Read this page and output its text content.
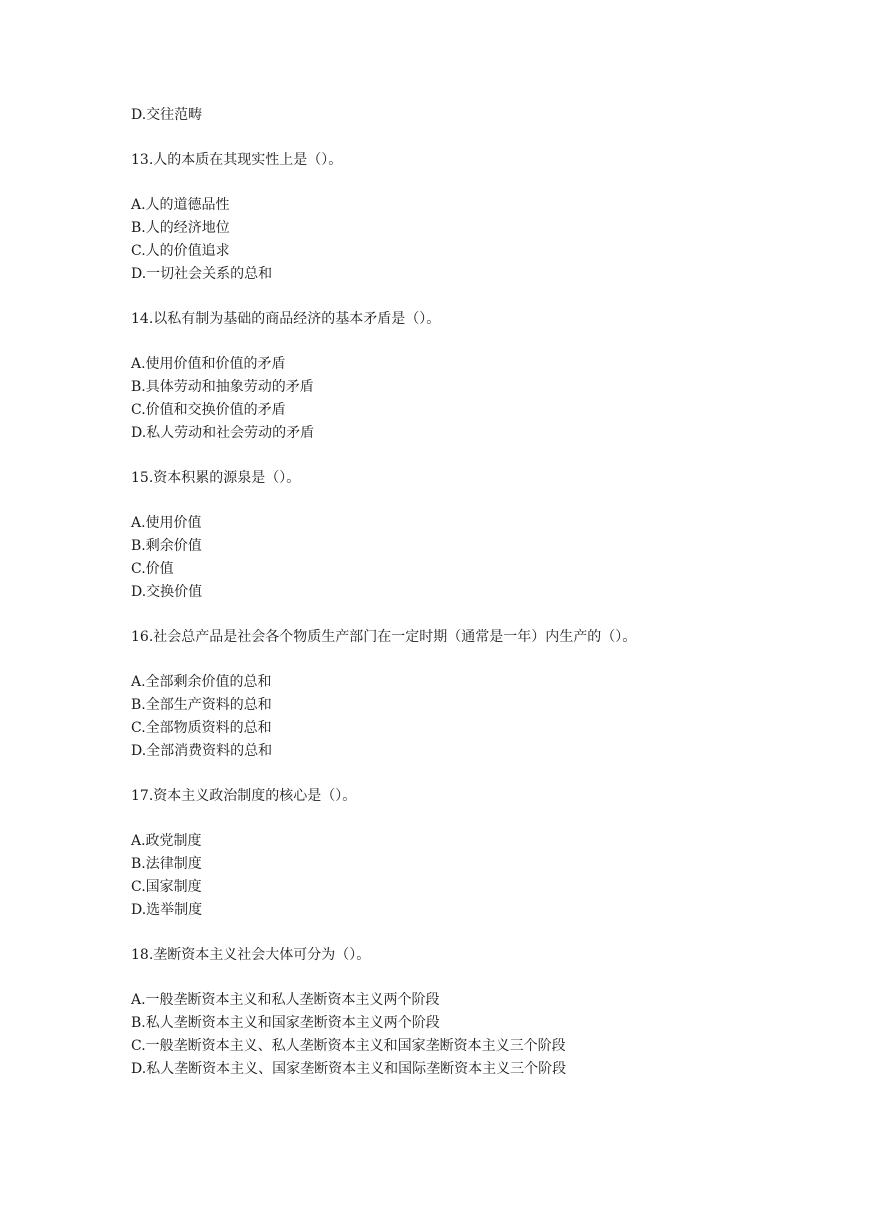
D.交往范畴
13.人的本质在其现实性上是（）。
A.人的道德品性
B.人的经济地位
C.人的价值追求
D.一切社会关系的总和
14.以私有制为基础的商品经济的基本矛盾是（）。
A.使用价值和价值的矛盾
B.具体劳动和抽象劳动的矛盾
C.价值和交换价值的矛盾
D.私人劳动和社会劳动的矛盾
15.资本积累的源泉是（）。
A.使用价值
B.剩余价值
C.价值
D.交换价值
16.社会总产品是社会各个物质生产部门在一定时期（通常是一年）内生产的（）。
A.全部剩余价值的总和
B.全部生产资料的总和
C.全部物质资料的总和
D.全部消费资料的总和
17.资本主义政治制度的核心是（）。
A.政党制度
B.法律制度
C.国家制度
D.选举制度
18.垄断资本主义社会大体可分为（）。
A.一般垄断资本主义和私人垄断资本主义两个阶段
B.私人垄断资本主义和国家垄断资本主义两个阶段
C.一般垄断资本主义、私人垄断资本主义和国家垄断资本主义三个阶段
D.私人垄断资本主义、国家垄断资本主义和国际垄断资本主义三个阶段
